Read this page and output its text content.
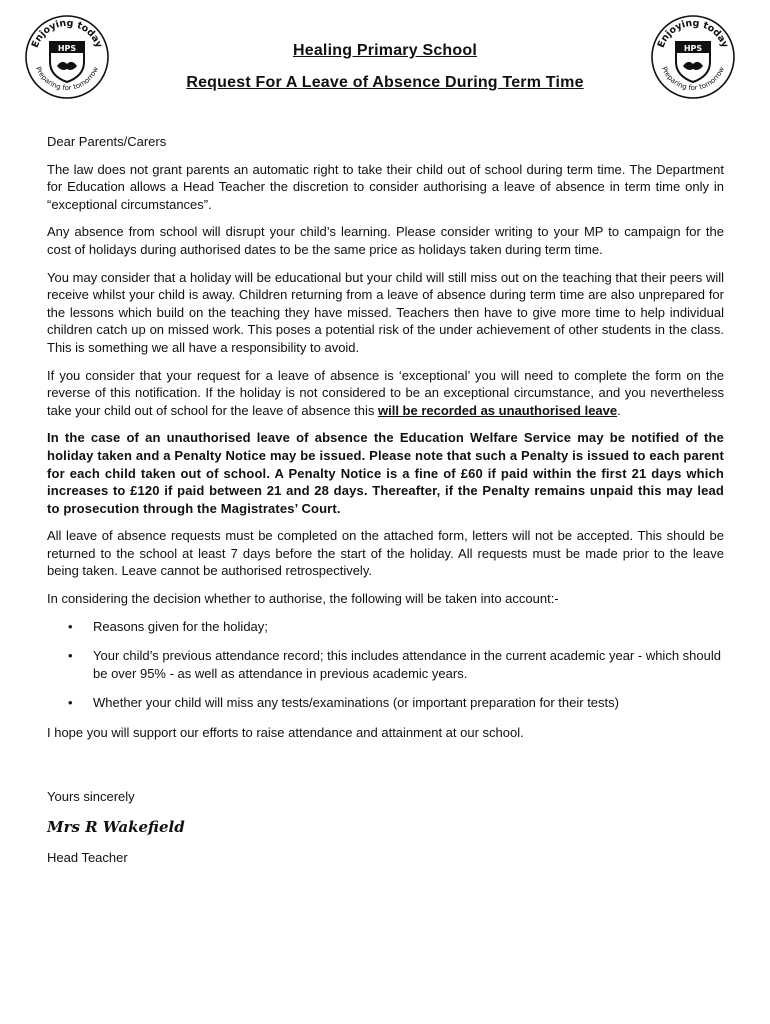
Enjoying today
Preparing for tomorrow
HPS	Enjoying today
Preparing for tomorrow
HPS

Healing Primary School

Request For A Leave of Absence During Term Time

Dear Parents/Carers

The law does not grant parents an automatic right to take their child out of school during term time. The Department for Education allows a Head Teacher the discretion to consider authorising a leave of absence in term time only in “exceptional circumstances”.

Any absence from school will disrupt your child’s learning. Please consider writing to your MP to campaign for the cost of holidays during authorised dates to be the same price as holidays taken during term time.

You may consider that a holiday will be educational but your child will still miss out on the teaching that their peers will receive whilst your child is away. Children returning from a leave of absence during term time are also unprepared for the lessons which build on the teaching they have missed. Teachers then have to give more time to help individual children catch up on missed work. This poses a potential risk of the under achievement of other students in the class. This is something we all have a responsibility to avoid.

If you consider that your request for a leave of absence is ‘exceptional’ you will need to complete the form on the reverse of this notification. If the holiday is not considered to be an exceptional circumstance, and you nevertheless take your child out of school for the leave of absence this will be recorded as unauthorised leave.

In the case of an unauthorised leave of absence the Education Welfare Service may be notified of the holiday taken and a Penalty Notice may be issued. Please note that such a Penalty is issued to each parent for each child taken out of school. A Penalty Notice is a fine of £60 if paid within the first 21 days which increases to £120 if paid between 21 and 28 days. Thereafter, if the Penalty remains unpaid this may lead to prosecution through the Magistrates’ Court.

All leave of absence requests must be completed on the attached form, letters will not be accepted. This should be returned to the school at least 7 days before the start of the holiday. All requests must be made prior to the leave being taken. Leave cannot be authorised retrospectively.

In considering the decision whether to authorise, the following will be taken into account:-

• Reasons given for the holiday;
• Your child’s previous attendance record; this includes attendance in the current academic year - which should be over 95% - as well as attendance in previous academic years.
• Whether your child will miss any tests/examinations (or important preparation for their tests)

I hope you will support our efforts to raise attendance and attainment at our school.

Yours sincerely

Mrs R Wakefield

Head Teacher
